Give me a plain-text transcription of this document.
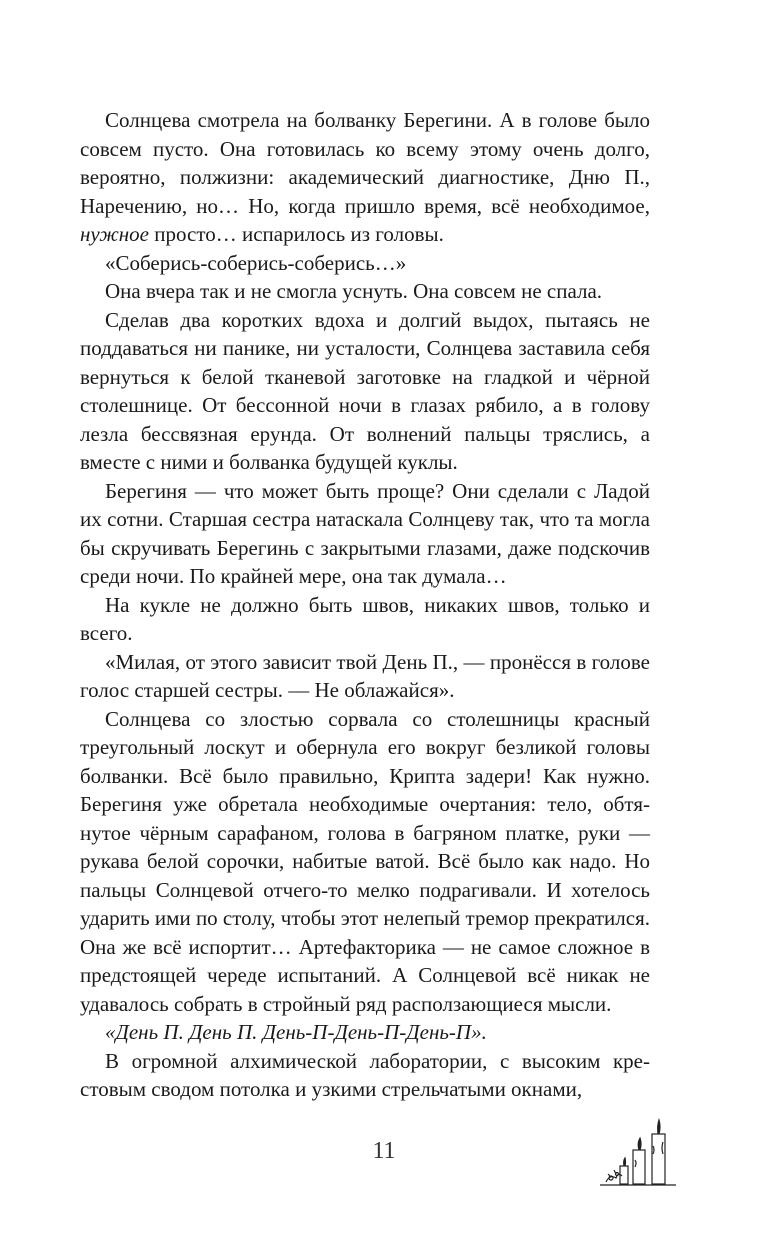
Солнцева смотрела на болванку Берегини. А в голове было совсем пусто. Она готовилась ко всему этому очень долго, вероятно, полжизни: академический диагностике, Дню П., Наречению, но… Но, когда пришло время, всё необходимое, нужное просто… испарилось из головы.

«Соберись-соберись-соберись…»

Она вчера так и не смогла уснуть. Она совсем не спала.

Сделав два коротких вдоха и долгий выдох, пытаясь не поддаваться ни панике, ни усталости, Солнцева заставила себя вернуться к белой тканевой заготовке на гладкой и чёрной столешнице. От бессонной ночи в глазах рябило, а в голову лезла бессвязная ерунда. От волнений пальцы тряслись, а вместе с ними и болванка будущей куклы.

Берегиня — что может быть проще? Они сделали с Ладой их сотни. Старшая сестра натаскала Солнцеву так, что та могла бы скручивать Берегинь с закрытыми глазами, даже подскочив среди ночи. По крайней мере, она так думала…

На кукле не должно быть швов, никаких швов, только и всего.

«Милая, от этого зависит твой День П., — пронёсся в голове голос старшей сестры. — Не облажайся».

Солнцева со злостью сорвала со столешницы красный треугольный лоскут и обернула его вокруг безликой головы болванки. Всё было правильно, Крипта задери! Как нужно. Берегиня уже обретала необходимые очертания: тело, обтянутое чёрным сарафаном, голова в багряном платке, руки — рукава белой сорочки, набитые ватой. Всё было как надо. Но пальцы Солнцевой отчего-то мелко подрагивали. И хотелось ударить ими по столу, чтобы этот нелепый тремор прекратился. Она же всё испортит… Артефакторика — не самое сложное в предстоящей череде испытаний. А Солнцевой всё никак не удавалось собрать в стройный ряд расползающиеся мысли.

«День П. День П. День-П-День-П-День-П».

В огромной алхимической лаборатории, с высоким крестовым сводом потолка и узкими стрельчатыми окнами,

11
